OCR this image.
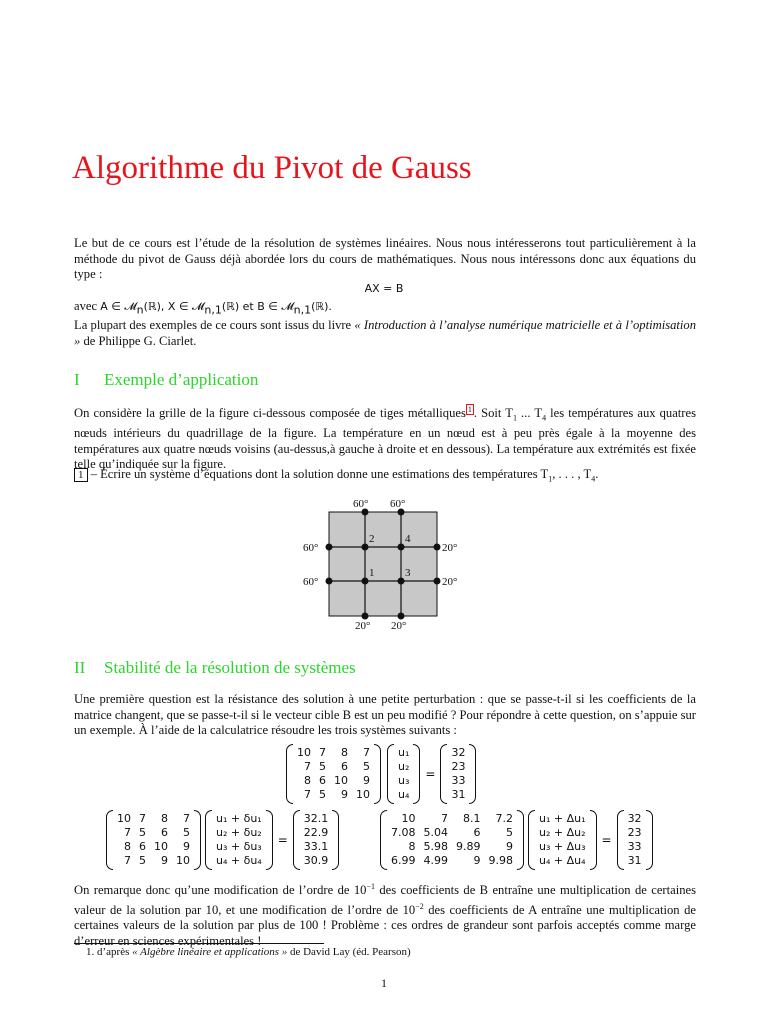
Algorithme du Pivot de Gauss
Le but de ce cours est l’étude de la résolution de systèmes linéaires. Nous nous intéresserons tout particulièrement à la méthode du pivot de Gauss déjà abordée lors du cours de mathématiques. Nous nous intéressons donc aux équations du type :
AX = B
avec A ∈ 𝓜$_n$(ℝ), X ∈ 𝓜$_{n,1}$(ℝ) et B ∈ 𝓜$_{n,1}$(ℝ).
La plupart des exemples de ce cours sont issus du livre « Introduction à l’analyse numérique matricielle et à l’optimisation » de Philippe G. Ciarlet.
I Exemple d’application
On considère la grille de la figure ci-dessous composée de tiges métalliques 1 . Soit $T_1$ ... $T_4$ les températures aux quatres nœuds intérieurs du quadrillage de la figure. La température en un nœud est à peu près égale à la moyenne des températures aux quatre nœuds voisins (au-dessus,à gauche à droite et en dessous). La température aux extrémités est fixée telle qu’indiquée sur la figure.
1 – Écrire un système d’équations dont la solution donne une estimations des températures $T_1$, . . . , $T_4$.
60° 60°
60°
60°
20°
20°
20° 20°
1
2
3
4
II Stabilité de la résolution de systèmes
Une première question est la résistance des solution à une petite perturbation : que se passe-t-il si les coefficients de la matrice changent, que se passe-t-il si le vecteur cible B est un peu modifié ? Pour répondre à cette question, on s’appuie sur un exemple. À l’aide de la calculatrice résoudre les trois systèmes suivants :
10	7	8	7
7	5	6	5
8	6	10	9
7	5	9	10
u₁
u₂
u₃
u₄
=
32
23
33
31
10	7	8	7
7	5	6	5
8	6	10	9
7	5	9	10
u₁ + δu₁
u₂ + δu₂
u₃ + δu₃
u₄ + δu₄
=
32.1
22.9
33.1
30.9
10	7	8.1	7.2
7.08	5.04	6	5
8	5.98	9.89	9
6.99	4.99	9	9.98
u₁ + Δu₁
u₂ + Δu₂
u₃ + Δu₃
u₄ + Δu₄
=
32
23
33
31
On remarque donc qu’une modification de l’ordre de $10^{-1}$ des coefficients de B entraîne une multiplication de certaines valeur de la solution par 10, et une modification de l’ordre de $10^{-2}$ des coefficients de A entraîne une multiplication de certaines valeurs de la solution par plus de 100 ! Problème : ces ordres de grandeur sont parfois acceptés comme marge d’erreur en sciences expérimentales !
1. d’après « Algèbre linéaire et applications » de David Lay (éd. Pearson)
1
